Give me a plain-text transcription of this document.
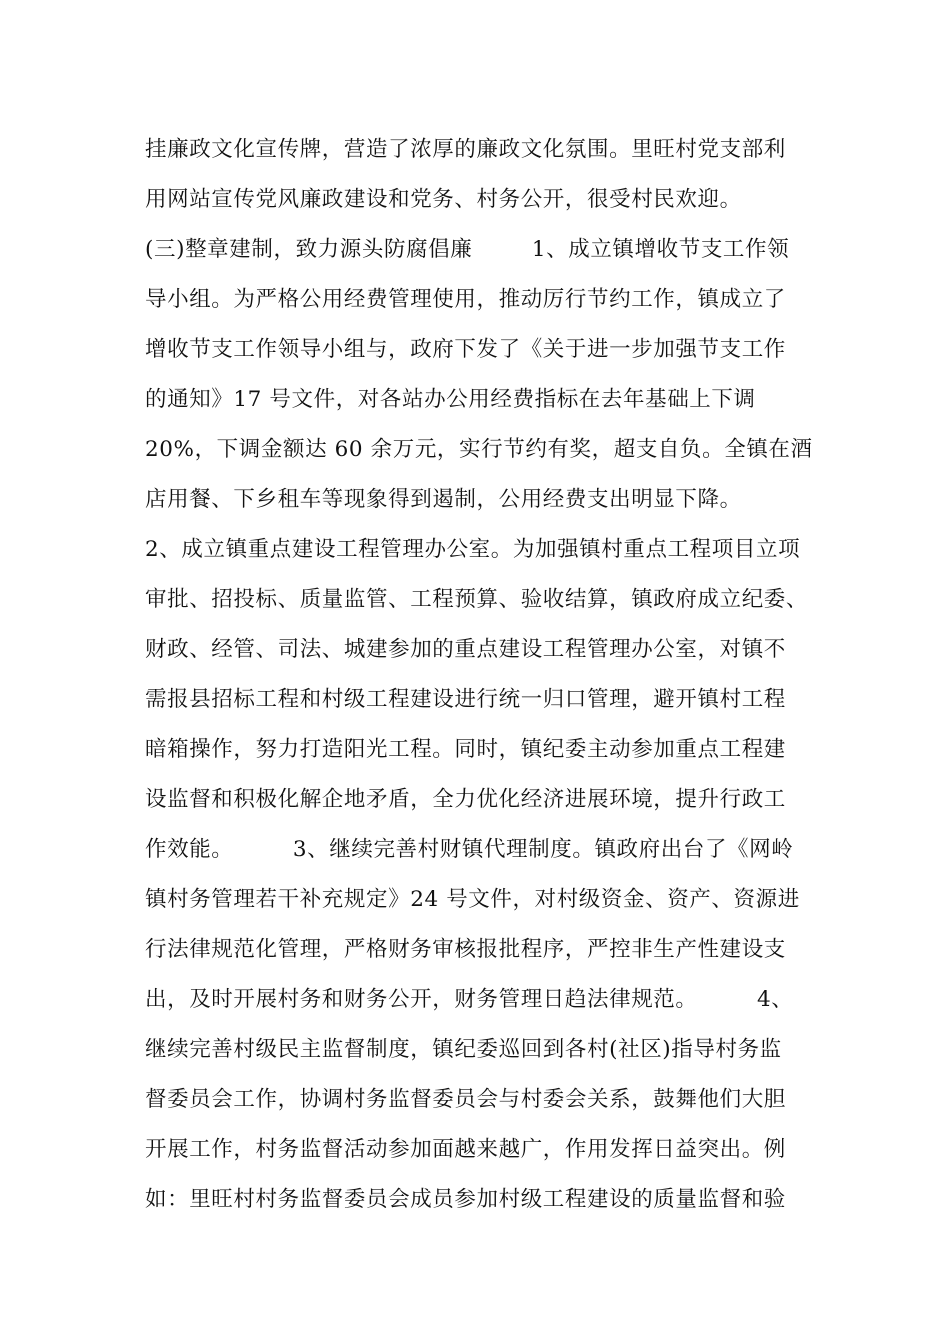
挂廉政文化宣传牌，营造了浓厚的廉政文化氛围。里旺村党支部利
用网站宣传党风廉政建设和党务、村务公开，很受村民欢迎。
(三)整章建制，致力源头防腐倡廉        1、成立镇增收节支工作领
导小组。为严格公用经费管理使用，推动厉行节约工作，镇成立了
增收节支工作领导小组与，政府下发了《关于进一步加强节支工作
的通知》17 号文件，对各站办公用经费指标在去年基础上下调
20%，下调金额达 60 余万元，实行节约有奖，超支自负。全镇在酒
店用餐、下乡租车等现象得到遏制，公用经费支出明显下降。
2、成立镇重点建设工程管理办公室。为加强镇村重点工程项目立项
审批、招投标、质量监管、工程预算、验收结算，镇政府成立纪委、
财政、经管、司法、城建参加的重点建设工程管理办公室，对镇不
需报县招标工程和村级工程建设进行统一归口管理，避开镇村工程
暗箱操作，努力打造阳光工程。同时，镇纪委主动参加重点工程建
设监督和积极化解企地矛盾，全力优化经济进展环境，提升行政工
作效能。        3、继续完善村财镇代理制度。镇政府出台了《网岭
镇村务管理若干补充规定》24 号文件，对村级资金、资产、资源进
行法律规范化管理，严格财务审核报批程序，严控非生产性建设支
出，及时开展村务和财务公开，财务管理日趋法律规范。        4、
继续完善村级民主监督制度，镇纪委巡回到各村(社区)指导村务监
督委员会工作，协调村务监督委员会与村委会关系，鼓舞他们大胆
开展工作，村务监督活动参加面越来越广，作用发挥日益突出。例
如：里旺村村务监督委员会成员参加村级工程建设的质量监督和验
